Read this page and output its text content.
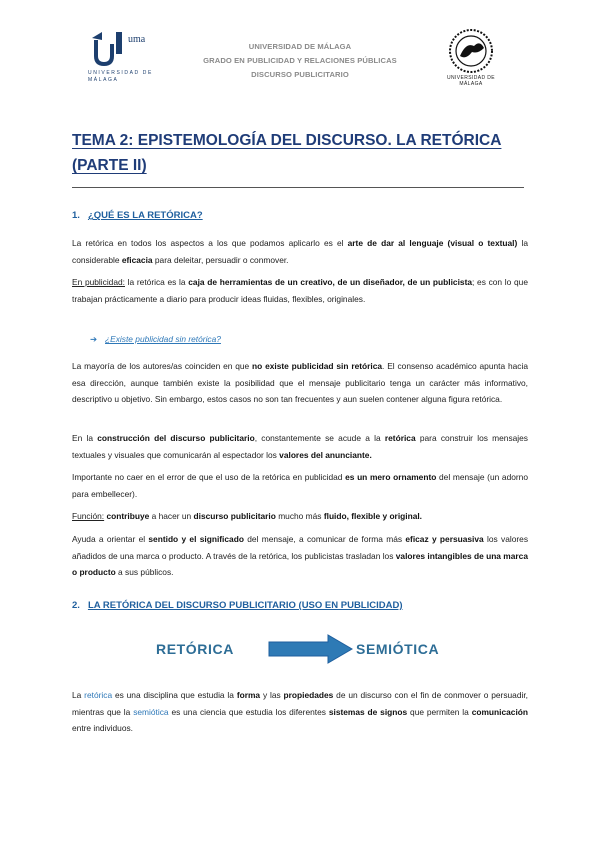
uma
UNIVERSIDAD DE MÁLAGA
UNIVERSIDAD DE MÁLAGA
GRADO EN PUBLICIDAD Y RELACIONES PÚBLICAS
DISCURSO PUBLICITARIO	UNIVERSIDAD DE MÁLAGA
TEMA 2: EPISTEMOLOGÍA DEL DISCURSO. LA RETÓRICA (PARTE II)
1. ¿QUÉ ES LA RETÓRICA?
La retórica en todos los aspectos a los que podamos aplicarlo es el arte de dar al lenguaje (visual o textual) la considerable eficacia para deleitar, persuadir o conmover.
En publicidad: la retórica es la caja de herramientas de un creativo, de un diseñador, de un publicista; es con lo que trabajan prácticamente a diario para producir ideas fluidas, flexibles, originales.
➔ ¿Existe publicidad sin retórica?
La mayoría de los autores/as coinciden en que no existe publicidad sin retórica. El consenso académico apunta hacia esa dirección, aunque también existe la posibilidad que el mensaje publicitario tenga un carácter más informativo, descriptivo u objetivo. Sin embargo, estos casos no son tan frecuentes y aun suelen contener alguna figura retórica.
En la construcción del discurso publicitario, constantemente se acude a la retórica para construir los mensajes textuales y visuales que comunicarán al espectador los valores del anunciante.
Importante no caer en el error de que el uso de la retórica en publicidad es un mero ornamento del mensaje (un adorno para embellecer).
Función: contribuye a hacer un discurso publicitario mucho más fluido, flexible y original.
Ayuda a orientar el sentido y el significado del mensaje, a comunicar de forma más eficaz y persuasiva los valores añadidos de una marca o producto. A través de la retórica, los publicistas trasladan los valores intangibles de una marca o producto a sus públicos.
2. LA RETÓRICA DEL DISCURSO PUBLICITARIO (USO EN PUBLICIDAD)
RETÓRICA	SEMIÓTICA
La retórica es una disciplina que estudia la forma y las propiedades de un discurso con el fin de conmover o persuadir, mientras que la semiótica es una ciencia que estudia los diferentes sistemas de signos que permiten la comunicación entre individuos.
